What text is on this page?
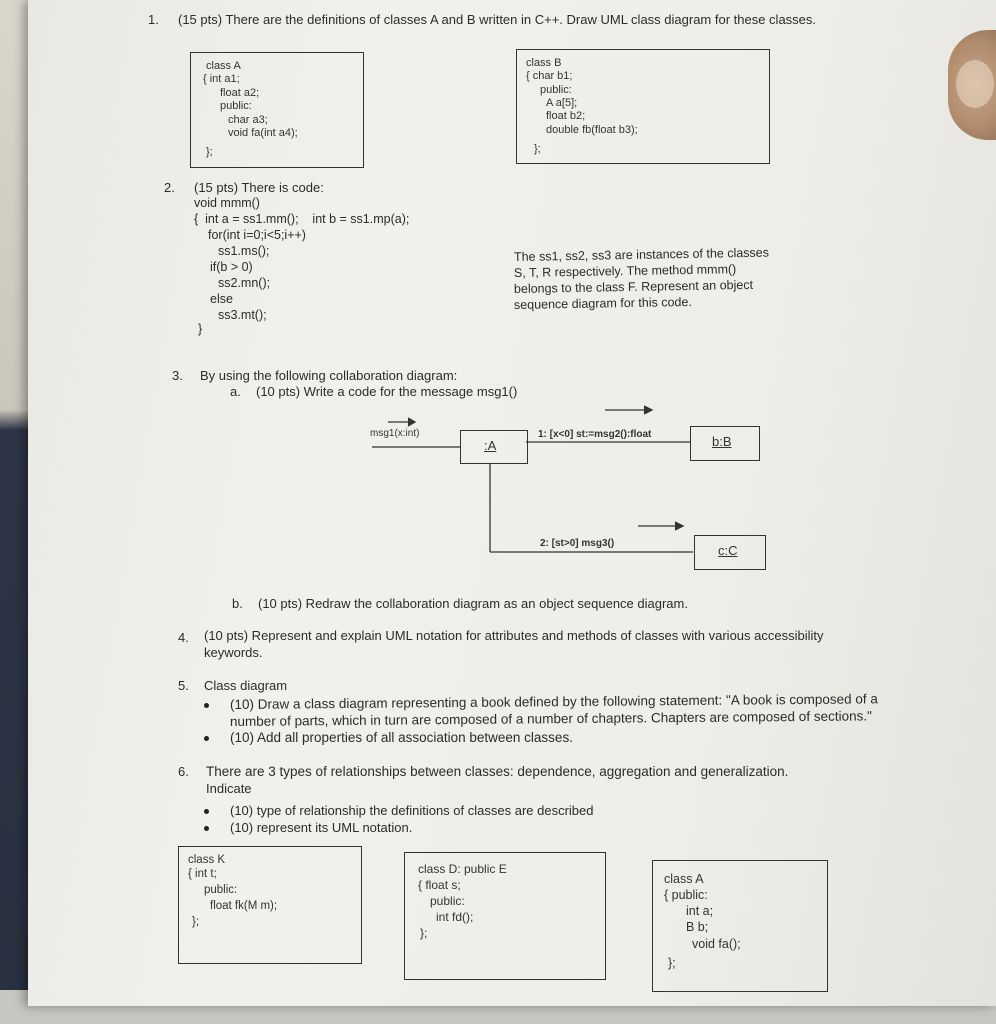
1. (15 pts) There are the definitions of classes A and B written in C++. Draw UML class diagram for these classes.
class A
{ int a1;
float a2;
public:
char a3;
void fa(int a4);
};
class B
{ char b1;
public:
A a[5];
float b2;
double fb(float b3);
};
2. (15 pts) There is code:
void mmm()
{  int a = ss1.mm();    int b = ss1.mp(a);
for(int i=0;i<5;i++)
ss1.ms();
if(b > 0)
ss2.mn();
else
ss3.mt();
}
The ss1, ss2, ss3 are instances of the classes
S, T, R respectively. The method mmm()
belongs to the class F. Represent an object
sequence diagram for this code.
3. By using the following collaboration diagram:
a. (10 pts) Write a code for the message msg1()
msg1(x:int)
:A
1: [x<0] st:=msg2():float	b:B
2: [st>0] msg3()	c:C
b. (10 pts) Redraw the collaboration diagram as an object sequence diagram.
4. (10 pts) Represent and explain UML notation for attributes and methods of classes with various accessibility
keywords.
5. Class diagram
(10) Draw a class diagram representing a book defined by the following statement: "A book is composed of a
number of parts, which in turn are composed of a number of chapters. Chapters are composed of sections."
(10) Add all properties of all association between classes.
6. There are 3 types of relationships between classes: dependence, aggregation and generalization.
Indicate
(10) type of relationship the definitions of classes are described
(10) represent its UML notation.
class K
{ int t;
public:
float fk(M m);
};
class D: public E
{ float s;
public:
int fd();
};
class A
{ public:
int a;
B b;
void fa();
};
